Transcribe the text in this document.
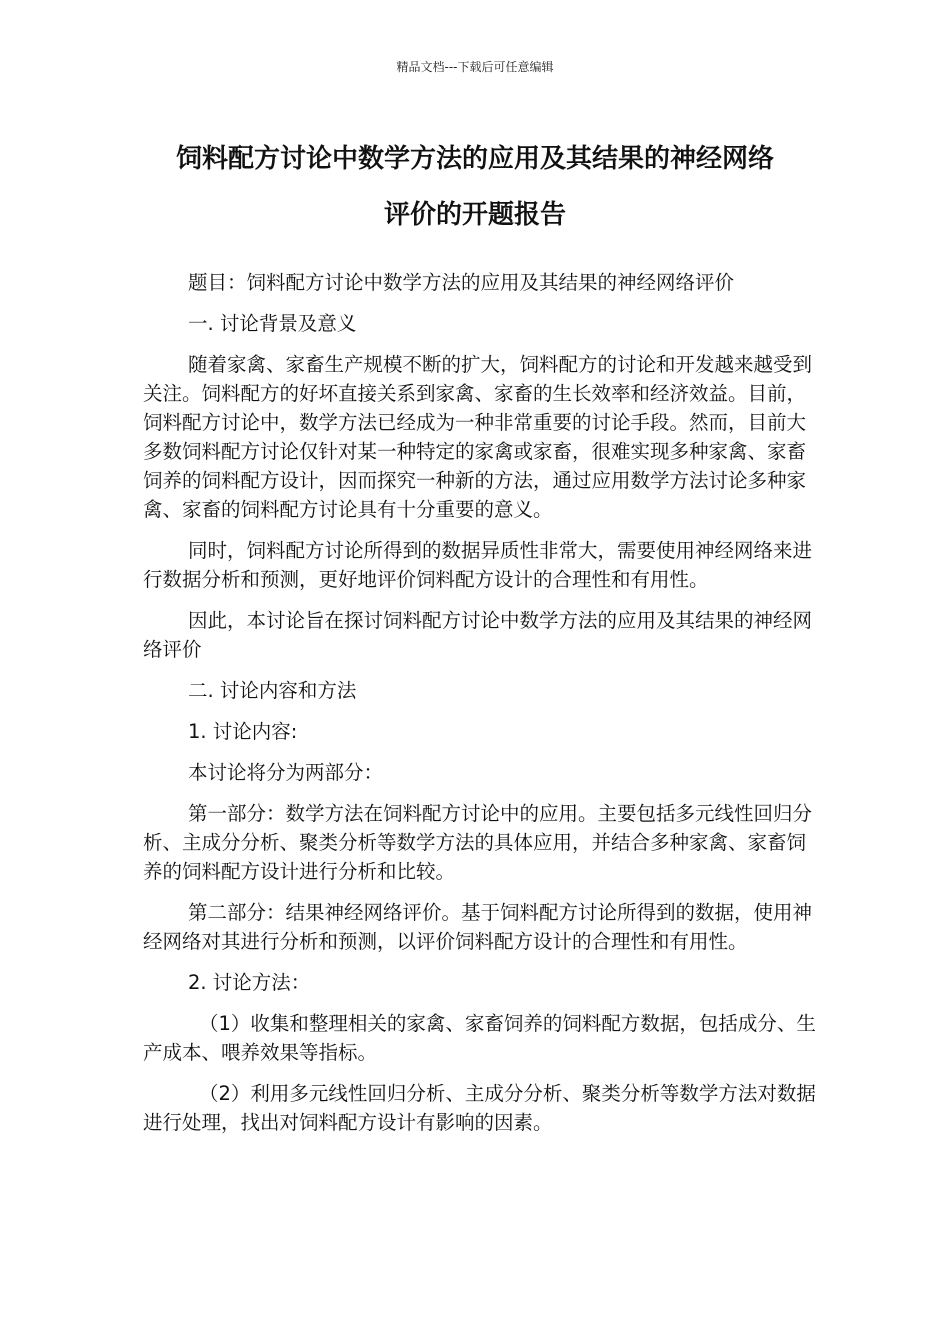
精品文档---下载后可任意编辑
饲料配方讨论中数学方法的应用及其结果的神经网络
评价的开题报告

题目：饲料配方讨论中数学方法的应用及其结果的神经网络评价

一. 讨论背景及意义

随着家禽、家畜生产规模不断的扩大，饲料配方的讨论和开发越来越受到关注。饲料配方的好坏直接关系到家禽、家畜的生长效率和经济效益。目前，饲料配方讨论中，数学方法已经成为一种非常重要的讨论手段。然而，目前大多数饲料配方讨论仅针对某一种特定的家禽或家畜，很难实现多种家禽、家畜饲养的饲料配方设计，因而探究一种新的方法，通过应用数学方法讨论多种家禽、家畜的饲料配方讨论具有十分重要的意义。

同时，饲料配方讨论所得到的数据异质性非常大，需要使用神经网络来进行数据分析和预测，更好地评价饲料配方设计的合理性和有用性。

因此，本讨论旨在探讨饲料配方讨论中数学方法的应用及其结果的神经网络评价

二. 讨论内容和方法

1. 讨论内容:

本讨论将分为两部分：

第一部分：数学方法在饲料配方讨论中的应用。主要包括多元线性回归分析、主成分分析、聚类分析等数学方法的具体应用，并结合多种家禽、家畜饲养的饲料配方设计进行分析和比较。

第二部分：结果神经网络评价。基于饲料配方讨论所得到的数据，使用神经网络对其进行分析和预测，以评价饲料配方设计的合理性和有用性。

2. 讨论方法：

（1）收集和整理相关的家禽、家畜饲养的饲料配方数据，包括成分、生产成本、喂养效果等指标。

（2）利用多元线性回归分析、主成分分析、聚类分析等数学方法对数据进行处理，找出对饲料配方设计有影响的因素。
